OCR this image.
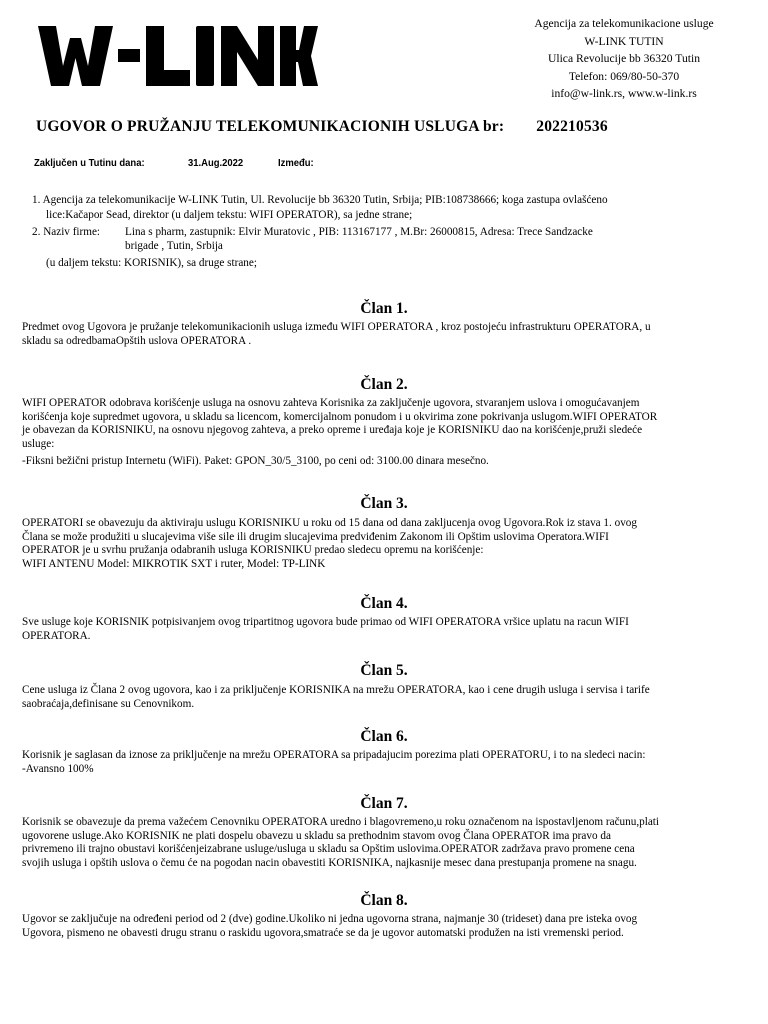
Agencija za telekomunikacione usluge
W-LINK TUTIN
Ulica Revolucije bb 36320 Tutin
Telefon: 069/80-50-370
info@w-link.rs, www.w-link.rs
UGOVOR O PRUŽANJU TELEKOMUNIKACIONIH USLUGA br: 202210536
Zaključen u Tutinu dana:	31.Aug.2022	Između:
1. Agencija za telekomunikacije W-LINK Tutin, Ul. Revolucije bb 36320 Tutin, Srbija; PIB:108738666; koga zastupa ovlašćeno
lice:Kačapor Sead, direktor (u daljem tekstu: WIFI OPERATOR), sa jedne strane;
2. Naziv firme: Lina s pharm, zastupnik: Elvir Muratovic , PIB: 113167177 , M.Br: 26000815, Adresa: Trece Sandzacke
brigade , Tutin, Srbija
(u daljem tekstu: KORISNIK), sa druge strane;
Član 1.
Predmet ovog Ugovora je pružanje telekomunikacionih usluga između WIFI OPERATORA , kroz postojeću infrastrukturu OPERATORA, u
skladu sa odredbamaOpštih uslova OPERATORA .
Član 2.
WIFI OPERATOR odobrava korišćenje usluga na osnovu zahteva Korisnika za zaključenje ugovora, stvaranjem uslova i omogućavanjem
korišćenja koje supredmet ugovora, u skladu sa licencom, komercijalnom ponudom i u okvirima zone pokrivanja uslugom.WIFI OPERATOR
je obavezan da KORISNIKU, na osnovu njegovog zahteva, a preko opreme i uređaja koje je KORISNIKU dao na korišćenje,pruži sledeće
usluge:
-Fiksni bežični pristup Internetu (WiFi). Paket: GPON_30/5_3100, po ceni od: 3100.00 dinara mesečno.
Član 3.
OPERATORI se obavezuju da aktiviraju uslugu KORISNIKU u roku od 15 dana od dana zakljucenja ovog Ugovora.Rok iz stava 1. ovog
Člana se može produžiti u slucajevima više sile ili drugim slucajevima predviđenim Zakonom ili Opštim uslovima Operatora.WIFI
OPERATOR je u svrhu pružanja odabranih usluga KORISNIKU predao sledecu opremu na korišćenje:
WIFI ANTENU Model: MIKROTIK SXT i ruter, Model: TP-LINK
Član 4.
Sve usluge koje KORISNIK potpisivanjem ovog tripartitnog ugovora bude primao od WIFI OPERATORA vršice uplatu na racun WIFI
OPERATORA.
Član 5.
Cene usluga iz Člana 2 ovog ugovora, kao i za priključenje KORISNIKA na mrežu OPERATORA, kao i cene drugih usluga i servisa i tarife
saobraćaja,definisane su Cenovnikom.
Član 6.
Korisnik je saglasan da iznose za priključenje na mrežu OPERATORA sa pripadajucim porezima plati OPERATORU, i to na sledeci nacin:
-Avansno 100%
Član 7.
Korisnik se obavezuje da prema važećem Cenovniku OPERATORA uredno i blagovremeno,u roku označenom na ispostavljenom računu,plati
ugovorene usluge.Ako KORISNIK ne plati dospelu obavezu u skladu sa prethodnim stavom ovog Člana OPERATOR ima pravo da
privremeno ili trajno obustavi korišćenjeizabrane usluge/usluga u skladu sa Opštim uslovima.OPERATOR zadržava pravo promene cena
svojih usluga i opštih uslova o čemu će na pogodan nacin obavestiti KORISNIKA, najkasnije mesec dana prestupanja promene na snagu.
Član 8.
Ugovor se zaključuje na određeni period od 2 (dve) godine.Ukoliko ni jedna ugovorna strana, najmanje 30 (trideset) dana pre isteka ovog
Ugovora, pismeno ne obavesti drugu stranu o raskidu ugovora,smatraće se da je ugovor automatski produžen na isti vremenski period.
